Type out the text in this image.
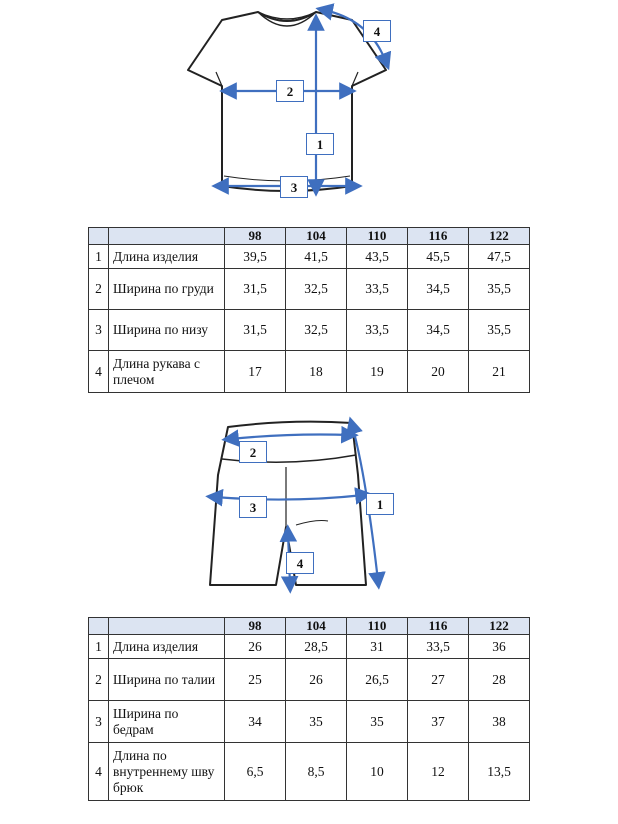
1
2
3
4
		98	104	110	116	122
1	Длина изделия	39,5	41,5	43,5	45,5	47,5
2	Ширина по груди	31,5	32,5	33,5	34,5	35,5
3	Ширина по низу	31,5	32,5	33,5	34,5	35,5
4	Длина рукава с плечом	17	18	19	20	21
1
2
3
4
		98	104	110	116	122
1	Длина изделия	26	28,5	31	33,5	36
2	Ширина по талии	25	26	26,5	27	28
3	Ширина по бедрам	34	35	35	37	38
4	Длина по внутреннему шву брюк	6,5	8,5	10	12	13,5
